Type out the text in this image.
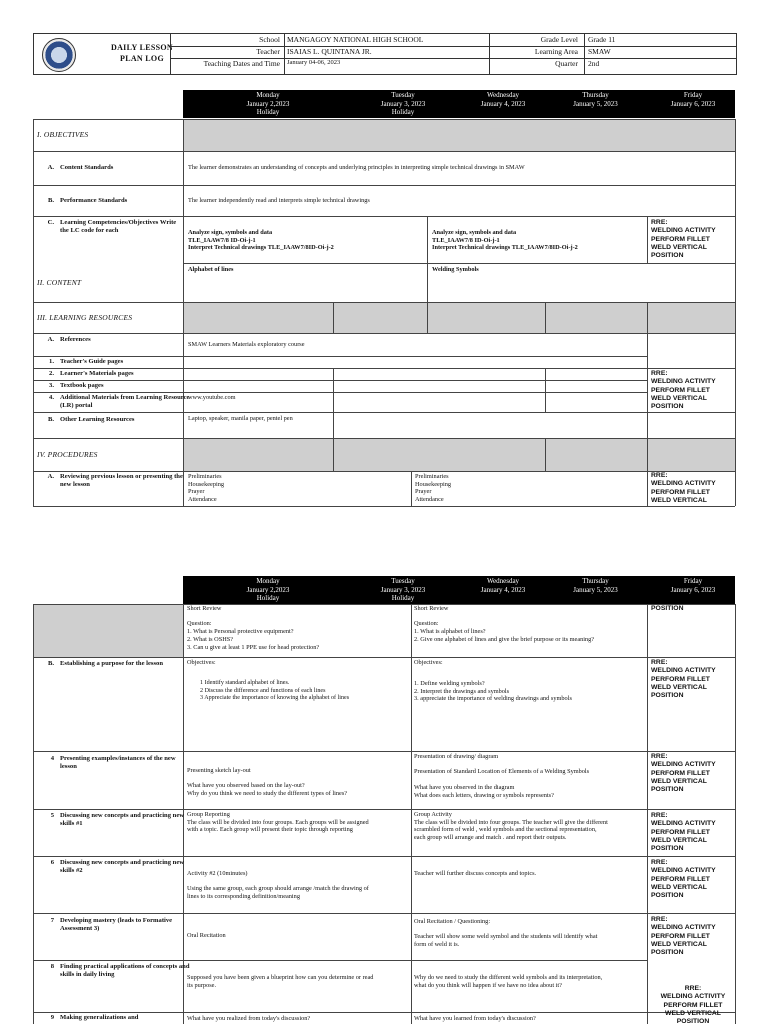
DAILY LESSON
PLAN LOG
School MANGAGOY NATIONAL HIGH SCHOOL
Teacher ISAIAS L. QUINTANA JR.
Teaching Dates and Time January 04-06, 2023
Grade Level Grade 11
Learning Area SMAW
Quarter 2nd
Monday
January 2,2023
Holiday
Tuesday
January 3, 2023
Holiday
Wednesday
January 4, 2023
Thursday
January 5, 2023
Friday
January 6, 2023
I. OBJECTIVES
II. CONTENT
III. LEARNING RESOURCES
IV. PROCEDURES
A. Content Standards
B. Performance Standards
C. Learning Competencies/Objectives Write the LC code for each
A. References
1. Teacher's Guide pages
2. Learner's Materials pages
3. Textbook pages
4. Additional Materials from Learning Resource (LR) portal
B. Other Learning Resources
A. Reviewing previous lesson or presenting the new lesson
The learner demonstrates an understanding of concepts and underlying principles in interpreting simple technical drawings in SMAW
The learner independently read and interprets simple technical drawings
Analyze sign, symbols and data
TLE_IAAW7/8 ID-Oi-j-1
Interpret Technical drawings TLE_IAAW7/8ID-Oi-j-2
Analyze sign, symbols and data
TLE_IAAW7/8 ID-Oi-j-1
Interpret Technical drawings TLE_IAAW7/8ID-Oi-j-2
RRE:
WELDING ACTIVITY
PERFORM FILLET
WELD VERTICAL
POSITION
Alphabet of lines	Welding Symbols
SMAW Learners Materials exploratory course
RRE:
WELDING ACTIVITY
PERFORM FILLET
WELD VERTICAL
POSITION
www.youtube.com
Laptop, speaker, manila paper, pentel pen
Preliminaries
Housekeeping
Prayer
Attendance
Preliminaries
Housekeeping
Prayer
Attendance
RRE:
WELDING ACTIVITY
PERFORM FILLET
WELD VERTICAL
Monday
January 2,2023
Holiday
Tuesday
January 3, 2023
Holiday
Wednesday
January 4, 2023
Thursday
January 5, 2023
Friday
January 6, 2023
B. Establishing a purpose for the lesson
4 Presenting examples/instances of the new lesson
5 Discussing new concepts and practicing new skills #1
6 Discussing new concepts and practicing new skills #2
7 Developing mastery (leads to Formative Assessment 3)
8 Finding practical applications of concepts and skills in daily living
9 Making generalizations and
Short Review

Question:
1. What is Personal protective equipment?
2. What is OSHS?
3. Can u give at least 1 PPE use for head protection?
Objectives:
1 Identify standard alphabet of lines.
2 Discuss the difference and functions of each lines
3 Appreciate the importance of knowing the alphabet of lines
Presenting sketch lay-out

What have you observed based on the lay-out?
Why do you think we need to study the different types of lines?
Group Reporting
The class will be divided into four groups. Each groups will be assigned
with a topic. Each group will present their topic through reporting
Activity #2 (10minutes)

Using the same group, each group should arrange /match the drawing of
lines to its corresponding definition/meaning
Oral Recitation
Supposed you have been given a blueprint how can you determine or read
its purpose.
What have you realized from today's discussion?
Short Review

Question:
1. What is alphabet of lines?
2. Give one alphabet of lines and give the brief purpose or its meaning?
Objectives:
1. Define welding symbols?
2. Interpret the drawings and symbols
3. appreciate the importance of welding drawings and symbols
Presentation of drawing/ diagram

Presentation of Standard Location of Elements of a Welding Symbols

What have you observed in the diagram
What does each letters, drawing or symbols represents?
Group Activity
The class will be divided into four groups. The teacher will give the different
scrambled form of weld , weld symbols and the sectional representation,
each group will arrange and match . and report their outputs.
Teacher will further discuss concepts and topics.
Oral Recitation / Questioning:

Teacher will show some weld symbol and the students will identify what
form of weld it is.
Why do we need to study the different weld symbols and its interpretation,
what do you think will happen if we have no idea about it?
What have you learned from today's discussion?
POSITION
RRE:
WELDING ACTIVITY
PERFORM FILLET
WELD VERTICAL
POSITION
RRE:
WELDING ACTIVITY
PERFORM FILLET
WELD VERTICAL
POSITION
RRE:
WELDING ACTIVITY
PERFORM FILLET
WELD VERTICAL
POSITION
RRE:
WELDING ACTIVITY
PERFORM FILLET
WELD VERTICAL
POSITION
RRE:
WELDING ACTIVITY
PERFORM FILLET
WELD VERTICAL
POSITION
RRE:
WELDING ACTIVITY
PERFORM FILLET
WELD VERTICAL
POSITION
